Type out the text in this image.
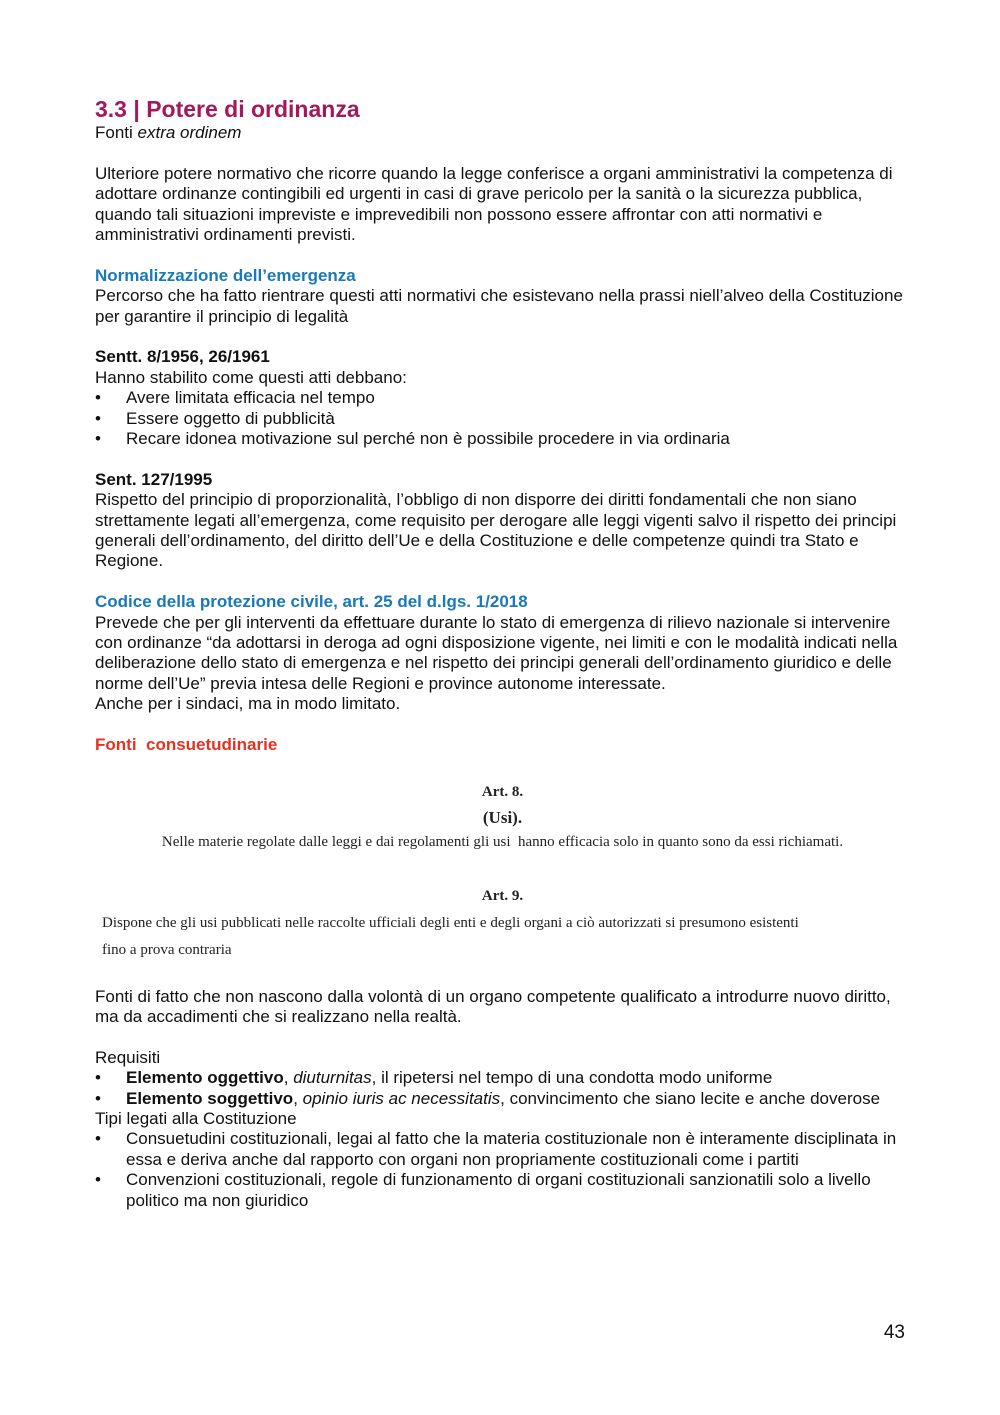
3.3 | Potere di ordinanza

Fonti extra ordinem

Ulteriore potere normativo che ricorre quando la legge conferisce a organi amministrativi la competenza di adottare ordinanze contingibili ed urgenti in casi di grave pericolo per la sanità o la sicurezza pubblica, quando tali situazioni impreviste e imprevedibili non possono essere affrontar con atti normativi e amministrativi ordinamenti previsti.

Normalizzazione dell’emergenza

Percorso che ha fatto rientrare questi atti normativi che esistevano nella prassi niell’alveo della Costituzione per garantire il principio di legalità

Sentt. 8/1956, 26/1961

Hanno stabilito come questi atti debbano:

•	Avere limitata efficacia nel tempo
•	Essere oggetto di pubblicità
•	Recare idonea motivazione sul perché non è possibile procedere in via ordinaria

Sent. 127/1995

Rispetto del principio di proporzionalità, l’obbligo di non disporre dei diritti fondamentali che non siano strettamente legati all’emergenza, come requisito per derogare alle leggi vigenti salvo il rispetto dei principi generali dell’ordinamento, del diritto dell’Ue e della Costituzione e delle competenze quindi tra Stato e Regione.

Codice della protezione civile, art. 25 del d.lgs. 1/2018

Prevede che per gli interventi da effettuare durante lo stato di emergenza di rilievo nazionale si intervenire con ordinanze “da adottarsi in deroga ad ogni disposizione vigente, nei limiti e con le modalità indicati nella deliberazione dello stato di emergenza e nel rispetto dei principi generali dell’ordinamento giuridico e delle norme dell’Ue” previa intesa delle Regioni e province autonome interessate.

Anche per i sindaci, ma in modo limitato.

Fonti  consuetudinarie

Art. 8.

(Usi).

Nelle materie regolate dalle leggi e dai regolamenti gli usi  hanno efficacia solo in quanto sono da essi richiamati.

Art. 9.

Dispone che gli usi pubblicati nelle raccolte ufficiali degli enti e degli organi a ciò autorizzati si presumono esistenti

fino a prova contraria

Fonti di fatto che non nascono dalla volontà di un organo competente qualificato a introdurre nuovo diritto, ma da accadimenti che si realizzano nella realtà.

Requisiti

•	Elemento oggettivo, diuturnitas, il ripetersi nel tempo di una condotta modo uniforme
•	Elemento soggettivo, opinio iuris ac necessitatis, convincimento che siano lecite e anche doverose

Tipi legati alla Costituzione

•	Consuetudini costituzionali, legai al fatto che la materia costituzionale non è interamente disciplinata in essa e deriva anche dal rapporto con organi non propriamente costituzionali come i partiti
•	Convenzioni costituzionali, regole di funzionamento di organi costituzionali sanzionatili solo a livello politico ma non giuridico
43
